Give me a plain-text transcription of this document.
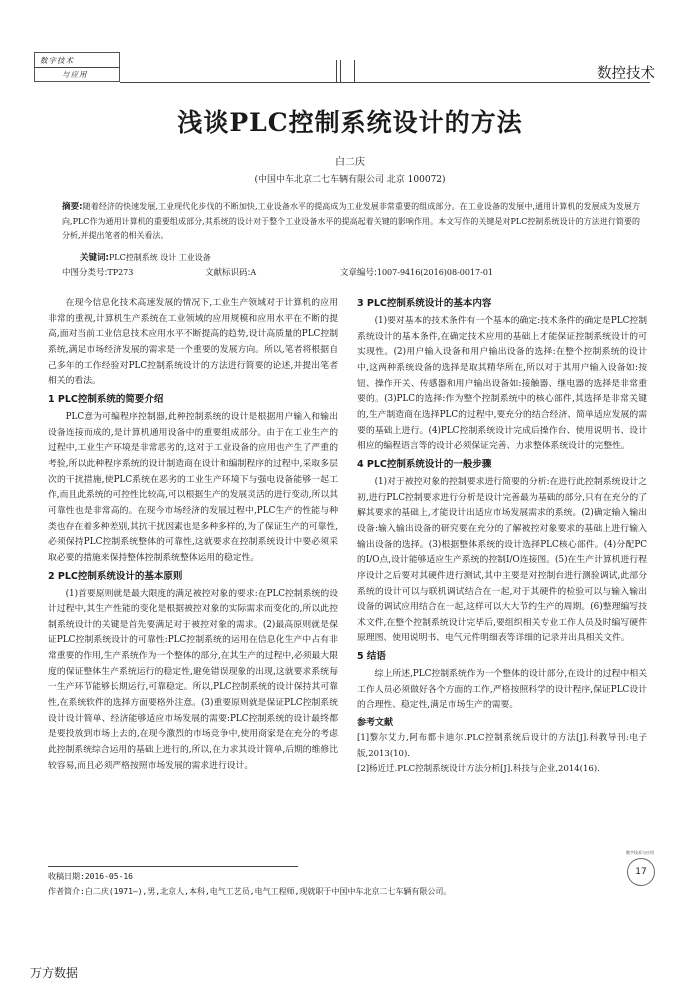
数字技术
与应用	数控技术
浅谈PLC控制系统设计的方法
白二庆
(中国中车北京二七车辆有限公司 北京 100072)
摘要:随着经济的快速发展,工业现代化步伐的不断加快,工业设备水平的提高成为工业发展非常重要的组成部分。在工业设备的发展中,通用计算机的发展成为发展方向,PLC作为通用计算机的重要组成部分,其系统的设计对于整个工业设备水平的提高起着关键的影响作用。本文写作的关键是对PLC控制系统设计的方法进行简要的分析,并提出笔者的相关看法。
关键词:PLC控制系统 设计 工业设备
中图分类号:TP273	文献标识码:A	文章编号:1007-9416(2016)08-0017-01

在现今信息化技术高速发展的情况下,工业生产领域对于计算机的应用非常的重视,计算机生产系统在工业领域的应用规模和应用水平在不断的提高,面对当前工业信息技术应用水平不断提高的趋势,设计高质量的PLC控制系统,满足市场经济发展的需求是一个重要的发展方向。所以,笔者将根据自己多年的工作经验对PLC控制系统设计的方法进行简要的论述,并提出笔者相关的看法。

1 PLC控制系统的简要介绍

PLC意为可编程序控制器,此种控制系统的设计是根据用户输入和输出设备连接而成的,是计算机通用设备中的重要组成部分。由于在工业生产的过程中,工业生产环境是非常恶劣的,这对于工业设备的应用也产生了严重的考验,所以此种程序系统的设计制造商在设计和编制程序的过程中,采取多层次的干扰措施,使PLC系统在恶劣的工业生产环境下与强电设备能够一起工作,而且此系统的可控性比较高,可以根据生产的发展灵活的进行变动,所以其可靠性也是非常高的。在现今市场经济的发展过程中,PLC生产的性能与种类也存在着多种差别,其抗干扰因素也是多种多样的,为了保证生产的可靠性,必须保持PLC控制系统整体的可靠性,这就要求在控制系统设计中要必须采取必要的措施来保持整体控制系统整体运用的稳定性。

2 PLC控制系统设计的基本原则

(1)首要原则就是最大限度的满足被控对象的要求:在PLC控制系统的设计过程中,其生产性能的变化是根据被控对象的实际需求而变化的,所以此控制系统设计的关键是首先要满足对于被控对象的需求。(2)最高原则就是保证PLC控制系统设计的可靠性:PLC控制系统的运用在信息化生产中占有非常重要的作用,生产系统作为一个整体的部分,在其生产的过程中,必须最大限度的保证整体生产系统运行的稳定性,避免错误现象的出现,这就要求系统每一生产环节能够长期运行,可靠稳定。所以,PLC控制系统的设计保持其可靠性,在系统软件的选择方面要格外注意。(3)重要原则就是保证PLC控制系统设计设计简单、经济能够适应市场发展的需要:PLC控制系统的设计最终都是要投放到市场上去的,在现今激烈的市场竞争中,使用商家是在充分的考虑此控制系统综合运用的基础上进行的,所以,在力求其设计简单,后期的维修比较容易,而且必须严格按照市场发展的需求进行设计。

3 PLC控制系统设计的基本内容

(1)要对基本的技术条件有一个基本的确定:技术条件的确定是PLC控制系统设计的基本条件,在确定技术应用的基础上才能保证控制系统设计的可实现性。(2)用户输入设备和用户输出设备的选择:在整个控制系统的设计中,这两种系统设备的选择是取其精华所在,所以对于其用户输入设备如:按钮、操作开关、传感器和用户输出设备如:接触器、继电器的选择是非常重要的。(3)PLC的选择:作为整个控制系统中的核心部件,其选择是非常关键的,生产制造商在选择PLC的过程中,要充分的结合经济、简单适应发展的需要的基础上进行。(4)PLC控制系统设计完成后操作台、使用说明书、设计相应的编程语言等的设计必须保证完善、力求整体系统设计的完整性。

4 PLC控制系统设计的一般步骤

(1)对于被控对象的控制要求进行简要的分析:在进行此控制系统设计之初,进行PLC控制要求进行分析是设计完善最为基础的部分,只有在充分的了解其要求的基础上,才能设计出适应市场发展需求的系统。(2)确定输入输出设备:输入输出设备的研究要在充分的了解被控对象要求的基础上进行输入输出设备的选择。(3)根据整体系统的设计选择PLC核心部件。(4)分配PC的I/O点,设计能够适应生产系统的控制I/O连接图。(5)在生产计算机进行程序设计之后要对其硬件进行测试,其中主要是对控制台进行测验调试,此部分系统的设计可以与联机调试结合在一起,对于其硬件的检验可以与输入输出设备的调试应用结合在一起,这样可以大大节约生产的周期。(6)整理编写技术文件,在整个控制系统设计完毕后,要组织相关专业工作人员及时编写硬件原理图、使用说明书、电气元件明细表等详细的记录并出具相关文件。

5 结语

综上所述,PLC控制系统作为一个整体的设计部分,在设计的过程中相关工作人员必须做好各个方面的工作,严格按照科学的设计程序,保证PLC设计的合理性、稳定性,满足市场生产的需要。

参考文献

[1]黎尔艾力,阿布都卡迪尔.PLC控制系统后设计的方法[J].科教导刊:电子版,2013(10).

[2]杨近迁.PLC控制系统设计方法分析[J].科技与企业,2014(16).

收稿日期:2016-05-16
作者简介:白二庆(1971—),男,北京人,本科,电气工艺员,电气工程师,现就职于中国中车北京二七车辆有限公司。
数字技术与应用
17
万方数据
